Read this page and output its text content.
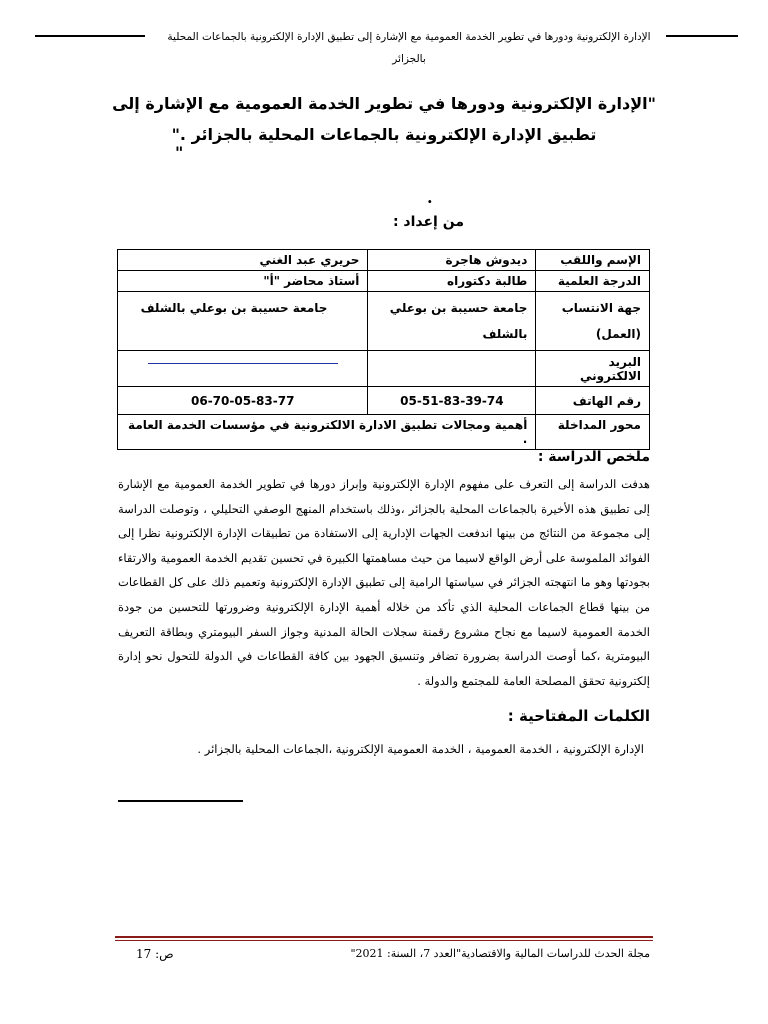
الإدارة الإلكترونية ودورها في تطوير الخدمة العمومية مع الإشارة إلى تطبيق الإدارة الإلكترونية بالجماعات المحلية بالجزائر
"الإدارة الإلكترونية ودورها في تطوير الخدمة العمومية مع الإشارة إلى تطبيق الإدارة الإلكترونية بالجماعات المحلية بالجزائر ."
"
.
من إعداد :
الإسم واللقب	ديدوش هاجرة	حريري عبد الغني
الدرجة العلمية	طالبة دكتوراه	أستاذ محاضر "أ"
جهة الانتساب (العمل)	جامعة حسيبة بن بوعلي بالشلف	جامعة حسيبة بن بوعلي بالشلف
البريد الالكتروني		

رقم الهاتف	05-51-83-39-74	06-70-05-83-77
محور المداخلة	أهمية ومجالات تطبيق الادارة الالكترونية في مؤسسات الخدمة العامة .	
ملخص الدراسة :
هدفت الدراسة إلى التعرف على مفهوم الإدارة الإلكترونية وإبراز دورها في تطوير الخدمة العمومية مع الإشارة إلى تطبيق هذه الأخيرة بالجماعات المحلية بالجزائر ،وذلك باستخدام المنهج الوصفي التحليلي ، وتوصلت الدراسة إلى مجموعة من النتائج من بينها اندفعت الجهات الإدارية إلى الاستفادة من تطبيقات الإدارة الإلكترونية نظرا إلى الفوائد الملموسة على أرض الواقع لاسيما من حيث مساهمتها الكبيرة في تحسين تقديم الخدمة العمومية والارتقاء بجودتها وهو ما انتهجته الجزائر في سياستها الرامية إلى تطبيق الإدارة الإلكترونية وتعميم ذلك على كل القطاعات من بينها قطاع الجماعات المحلية الذي تأكد من خلاله أهمية الإدارة الإلكترونية وضرورتها للتحسين من جودة الخدمة العمومية لاسيما مع نجاح مشروع رقمنة سجلات الحالة المدنية وجواز السفر البيومتري وبطاقة التعريف البيومترية ،كما أوصت الدراسة بضرورة تضافر وتنسيق الجهود بين كافة القطاعات في الدولة للتحول نحو إدارة إلكترونية تحقق المصلحة العامة للمجتمع والدولة .
الكلمات المفتاحية :
الإدارة الإلكترونية ، الخدمة العمومية ، الخدمة العمومية الإلكترونية ،الجماعات المحلية بالجزائر .
مجلة الحدث للدراسات المالية والاقتصادية"العدد 7، السنة: 2021"
ص: 17
